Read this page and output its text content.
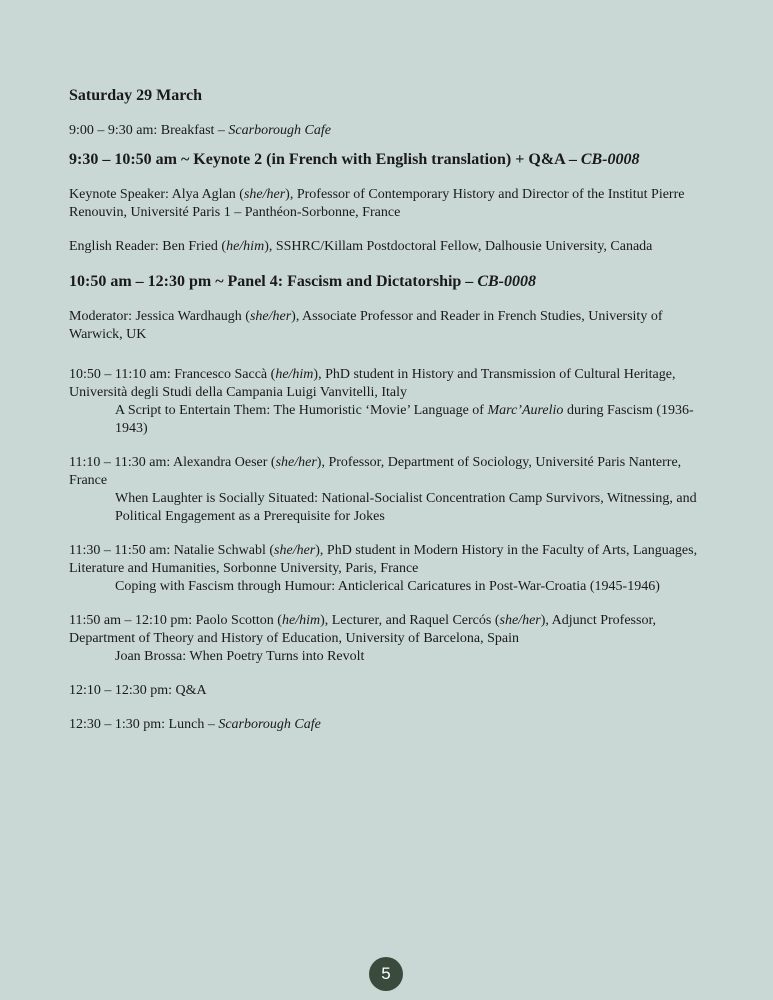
Saturday 29 March

9:00 – 9:30 am: Breakfast – Scarborough Cafe

9:30 – 10:50 am ~ Keynote 2 (in French with English translation) + Q&A – CB-0008

Keynote Speaker: Alya Aglan (she/her), Professor of Contemporary History and Director of the Institut Pierre Renouvin, Université Paris 1 – Panthéon-Sorbonne, France

English Reader: Ben Fried (he/him), SSHRC/Killam Postdoctoral Fellow, Dalhousie University, Canada

10:50 am – 12:30 pm ~ Panel 4: Fascism and Dictatorship – CB-0008

Moderator: Jessica Wardhaugh (she/her), Associate Professor and Reader in French Studies, University of Warwick, UK

10:50 – 11:10 am: Francesco Saccà (he/him), PhD student in History and Transmission of Cultural Heritage, Università degli Studi della Campania Luigi Vanvitelli, Italy

A Script to Entertain Them: The Humoristic ‘Movie’ Language of Marc’Aurelio during Fascism (1936-1943)

11:10 – 11:30 am: Alexandra Oeser (she/her), Professor, Department of Sociology, Université Paris Nanterre, France

When Laughter is Socially Situated: National-Socialist Concentration Camp Survivors, Witnessing, and Political Engagement as a Prerequisite for Jokes

11:30 – 11:50 am: Natalie Schwabl (she/her), PhD student in Modern History in the Faculty of Arts, Languages, Literature and Humanities, Sorbonne University, Paris, France

Coping with Fascism through Humour: Anticlerical Caricatures in Post-War-Croatia (1945-1946)

11:50 am – 12:10 pm: Paolo Scotton (he/him), Lecturer, and Raquel Cercós (she/her), Adjunct Professor, Department of Theory and History of Education, University of Barcelona, Spain

Joan Brossa: When Poetry Turns into Revolt

12:10 – 12:30 pm: Q&A

12:30 – 1:30 pm: Lunch – Scarborough Cafe

5
